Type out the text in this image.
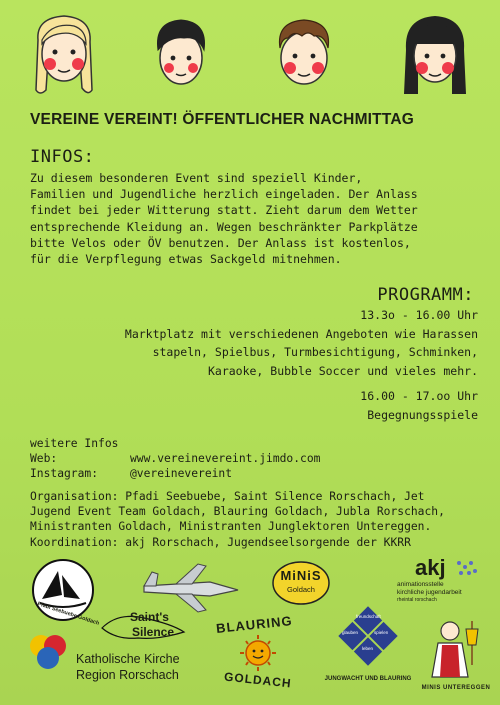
VEREINE VEREINT! ÖFFENTLICHER NACHMITTAG
INFOS:
Zu diesem besonderen Event sind speziell Kinder,
Familien und Jugendliche herzlich eingeladen. Der Anlass
findet bei jeder Witterung statt. Zieht darum dem Wetter
entsprechende Kleidung an. Wegen beschränkter Parkplätze
bitte Velos oder ÖV benutzen. Der Anlass ist kostenlos,
für die Verpflegung etwas Sackgeld mitnehmen.
PROGRAMM:
13.3o - 16.00 Uhr
Marktplatz mit verschiedenen Angeboten wie Harassen
stapeln, Spielbus, Turmbesichtigung, Schminken,
Karaoke, Bubble Soccer und vieles mehr.
16.00 - 17.oo Uhr
Begegnungsspiele
weitere Infos
Web:	www.vereinevereint.jimdo.com
Instagram:	@vereinevereint
Organisation: Pfadi Seebuebe, Saint Silence Rorschach, Jet
Jugend Event Team Goldach, Blauring Goldach, Jubla Rorschach,
Ministranten Goldach, Ministranten Junglektoren Untereggen.
Koordination: akj Rorschach, Jugendseelsorgende der KKRR
Pfadi Seebuebe Goldach
MiNiS
Goldach
akj
animationsstelle
kirchliche jugendarbeit
rheintal rorschach
Saint's
Silence
Katholische Kirche
Region Rorschach
BLAURING
GOLDACH
freundschaft
glauben	spielen
leben
JUNGWACHT UND BLAURING
MINIS UNTEREGGEN
